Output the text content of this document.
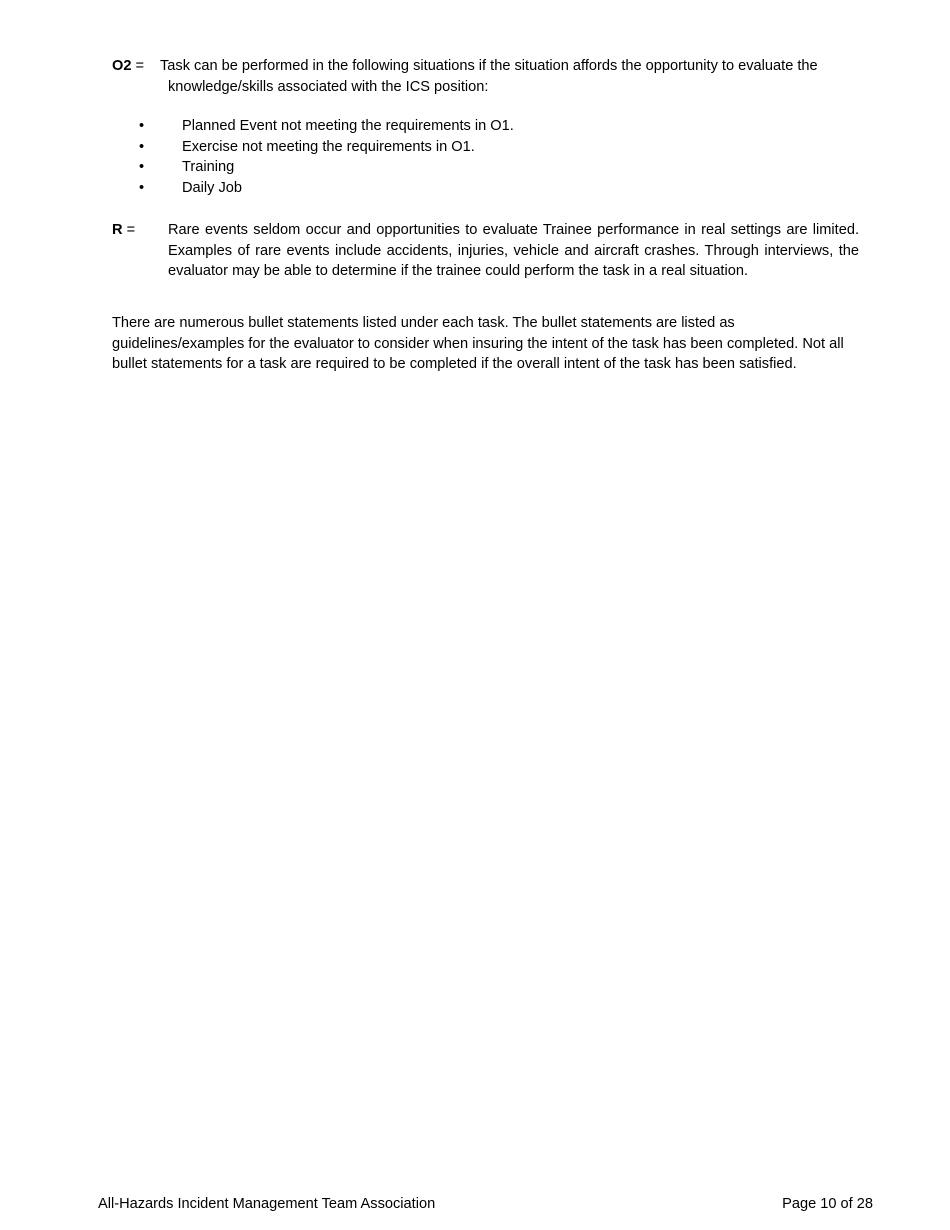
O2 = Task can be performed in the following situations if the situation affords the opportunity to evaluate the knowledge/skills associated with the ICS position:
•	Planned Event not meeting the requirements in O1.
•	Exercise not meeting the requirements in O1.
•	Training
•	Daily Job
R = Rare events seldom occur and opportunities to evaluate Trainee performance in real settings are limited. Examples of rare events include accidents, injuries, vehicle and aircraft crashes. Through interviews, the evaluator may be able to determine if the trainee could perform the task in a real situation.
There are numerous bullet statements listed under each task. The bullet statements are listed as guidelines/examples for the evaluator to consider when insuring the intent of the task has been completed. Not all bullet statements for a task are required to be completed if the overall intent of the task has been satisfied.
All-Hazards Incident Management Team Association	Page 10 of 28
